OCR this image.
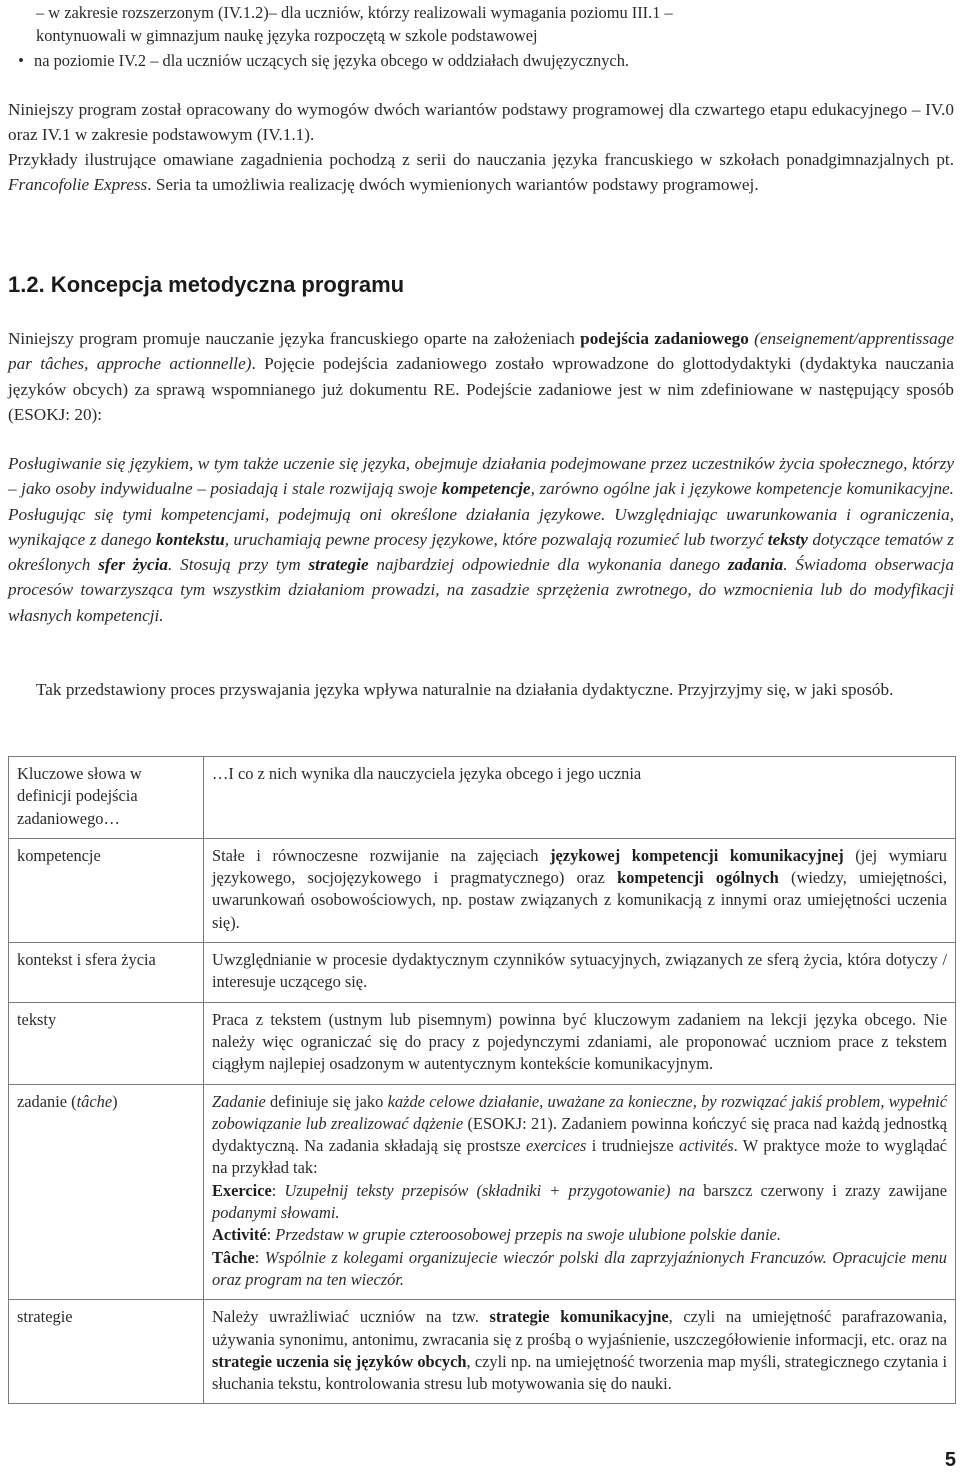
– w zakresie rozszerzonym (IV.1.2)– dla uczniów, którzy realizowali wymagania poziomu III.1 –

kontynuowali w gimnazjum naukę języka rozpoczętą w szkole podstawowej

• na poziomie IV.2 – dla uczniów uczących się języka obcego w oddziałach dwujęzycznych.

Niniejszy program został opracowany do wymogów dwóch wariantów podstawy programowej dla czwartego etapu edukacyjnego – IV.0 oraz IV.1 w zakresie podstawowym (IV.1.1).

Przykłady ilustrujące omawiane zagadnienia pochodzą z serii do nauczania języka francuskiego w szkołach ponadgimnazjalnych pt. Francofolie Express. Seria ta umożliwia realizację dwóch wymienionych wariantów podstawy programowej.

1.2. Koncepcja metodyczna programu

Niniejszy program promuje nauczanie języka francuskiego oparte na założeniach podejścia zadaniowego (enseignement/apprentissage par tâches, approche actionnelle). Pojęcie podejścia zadaniowego zostało wprowadzone do glottodydaktyki (dydaktyka nauczania języków obcych) za sprawą wspomnianego już dokumentu RE. Podejście zadaniowe jest w nim zdefiniowane w następujący sposób (ESOKJ: 20):

Posługiwanie się językiem, w tym także uczenie się języka, obejmuje działania podejmowane przez uczestników życia społecznego, którzy – jako osoby indywidualne – posiadają i stale rozwijają swoje kompetencje, zarówno ogólne jak i językowe kompetencje komunikacyjne. Posługując się tymi kompetencjami, podejmują oni określone działania językowe. Uwzględniając uwarunkowania i ograniczenia, wynikające z danego kontekstu, uruchamiają pewne procesy językowe, które pozwalają rozumieć lub tworzyć teksty dotyczące tematów z określonych sfer życia. Stosują przy tym strategie najbardziej odpowiednie dla wykonania danego zadania. Świadoma obserwacja procesów towarzysząca tym wszystkim działaniom prowadzi, na zasadzie sprzężenia zwrotnego, do wzmocnienia lub do modyfikacji własnych kompetencji.

Tak przedstawiony proces przyswajania języka wpływa naturalnie na działania dydaktyczne. Przyjrzyjmy się, w jaki sposób.

Kluczowe słowa w definicji podejścia zadaniowego…	…I co z nich wynika dla nauczyciela języka obcego i jego ucznia
kompetencje	Stałe i równoczesne rozwijanie na zajęciach językowej kompetencji komunikacyjnej (jej wymiaru językowego, socjojęzykowego i pragmatycznego) oraz kompetencji ogólnych (wiedzy, umiejętności, uwarunkowań osobowościowych, np. postaw związanych z komunikacją z innymi oraz umiejętności uczenia się).
kontekst i sfera życia	Uwzględnianie w procesie dydaktycznym czynników sytuacyjnych, związanych ze sferą życia, która dotyczy / interesuje uczącego się.
teksty	Praca z tekstem (ustnym lub pisemnym) powinna być kluczowym zadaniem na lekcji języka obcego. Nie należy więc ograniczać się do pracy z pojedynczymi zdaniami, ale proponować uczniom prace z tekstem ciągłym najlepiej osadzonym w autentycznym kontekście komunikacyjnym.
zadanie (tâche)	Zadanie definiuje się jako każde celowe działanie, uważane za konieczne, by rozwiązać jakiś problem, wypełnić zobowiązanie lub zrealizować dążenie (ESOKJ: 21). Zadaniem powinna kończyć się praca nad każdą jednostką dydaktyczną. Na zadania składają się prostsze exercices i trudniejsze activités. W praktyce może to wyglądać na przykład tak:
Exercice: Uzupełnij teksty przepisów (składniki + przygotowanie) na barszcz czerwony i zrazy zawijane podanymi słowami.
Activité: Przedstaw w grupie czteroosobowej przepis na swoje ulubione polskie danie.
Tâche: Wspólnie z kolegami organizujecie wieczór polski dla zaprzyjaźnionych Francuzów. Opracujcie menu oraz program na ten wieczór.

strategie	Należy uwrażliwiać uczniów na tzw. strategie komunikacyjne, czyli na umiejętność parafrazowania, używania synonimu, antonimu, zwracania się z prośbą o wyjaśnienie, uszczegółowienie informacji, etc. oraz na strategie uczenia się języków obcych, czyli np. na umiejętność tworzenia map myśli, strategicznego czytania i słuchania tekstu, kontrolowania stresu lub motywowania się do nauki.
5
